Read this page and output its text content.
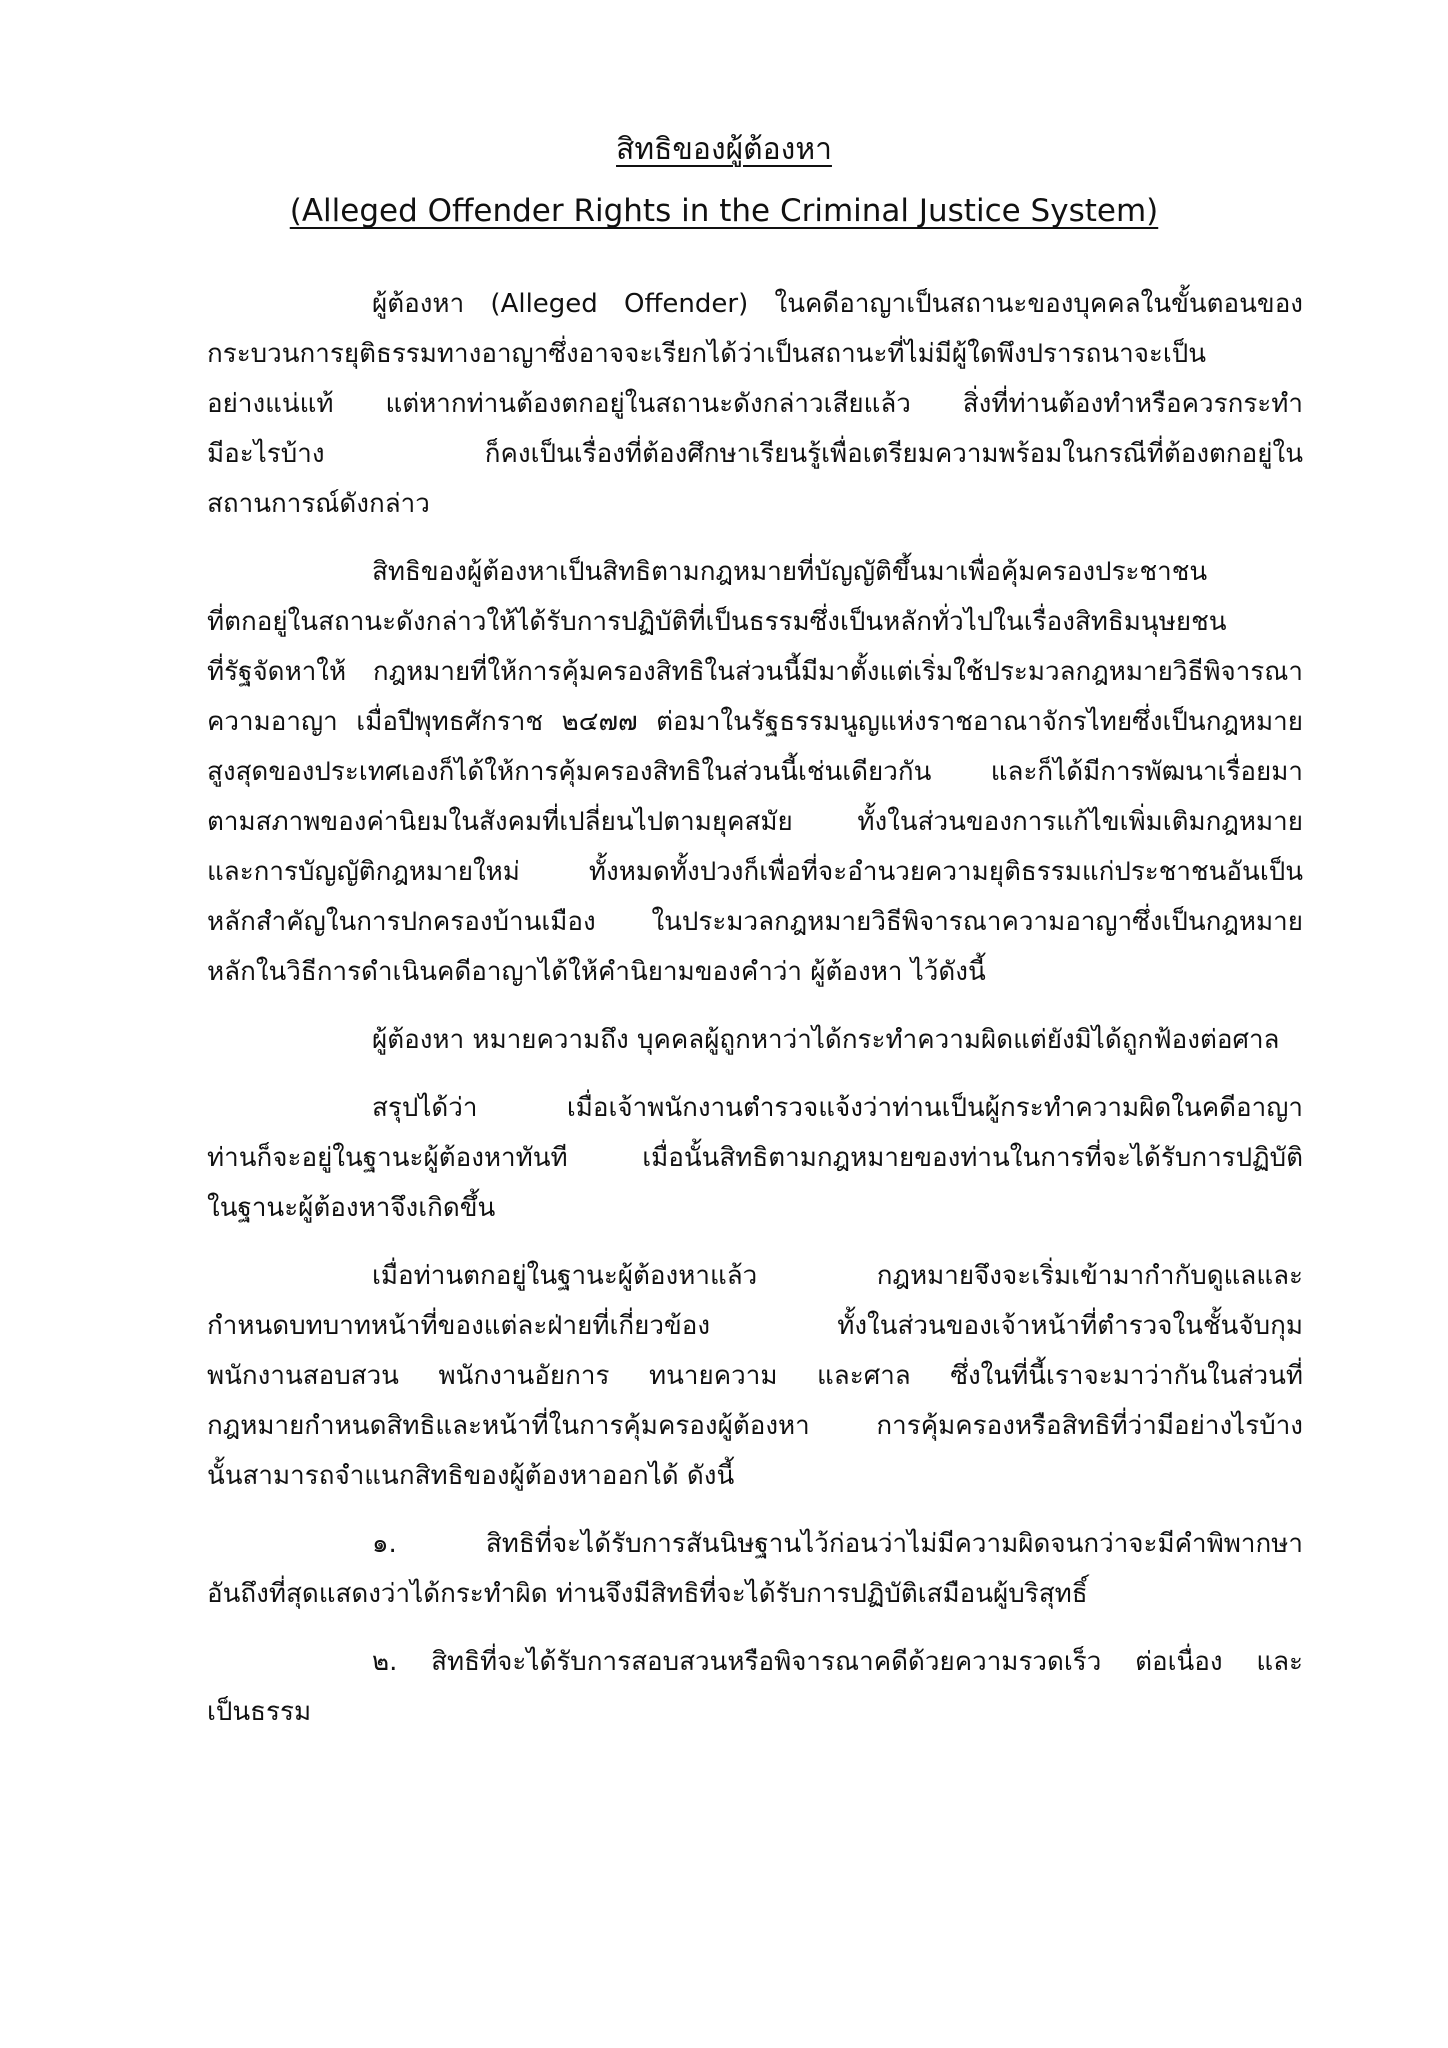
สิทธิของผู้ต้องหา
(Alleged Offender Rights in the Criminal Justice System)
ผู้ต้องหา (Alleged Offender) ในคดีอาญาเป็นสถานะของบุคคลในขั้นตอนของ
กระบวนการยุติธรรมทางอาญาซึ่งอาจจะเรียกได้ว่าเป็นสถานะที่ไม่มีผู้ใดพึงปรารถนาจะเป็น
อย่างแน่แท้ แต่หากท่านต้องตกอยู่ในสถานะดังกล่าวเสียแล้ว สิ่งที่ท่านต้องทำหรือควรกระทำ
มีอะไรบ้าง ก็คงเป็นเรื่องที่ต้องศึกษาเรียนรู้เพื่อเตรียมความพร้อมในกรณีที่ต้องตกอยู่ใน
สถานการณ์ดังกล่าว
สิทธิของผู้ต้องหาเป็นสิทธิตามกฎหมายที่บัญญัติขึ้นมาเพื่อคุ้มครองประชาชน
ที่ตกอยู่ในสถานะดังกล่าวให้ได้รับการปฏิบัติที่เป็นธรรมซึ่งเป็นหลักทั่วไปในเรื่องสิทธิมนุษยชน
ที่รัฐจัดหาให้ กฎหมายที่ให้การคุ้มครองสิทธิในส่วนนี้มีมาตั้งแต่เริ่มใช้ประมวลกฎหมายวิธีพิจารณา
ความอาญา เมื่อปีพุทธศักราช ๒๔๗๗ ต่อมาในรัฐธรรมนูญแห่งราชอาณาจักรไทยซึ่งเป็นกฎหมาย
สูงสุดของประเทศเองก็ได้ให้การคุ้มครองสิทธิในส่วนนี้เช่นเดียวกัน และก็ได้มีการพัฒนาเรื่อยมา
ตามสภาพของค่านิยมในสังคมที่เปลี่ยนไปตามยุคสมัย ทั้งในส่วนของการแก้ไขเพิ่มเติมกฎหมาย
และการบัญญัติกฎหมายใหม่ ทั้งหมดทั้งปวงก็เพื่อที่จะอำนวยความยุติธรรมแก่ประชาชนอันเป็น
หลักสำคัญในการปกครองบ้านเมือง ในประมวลกฎหมายวิธีพิจารณาความอาญาซึ่งเป็นกฎหมาย
หลักในวิธีการดำเนินคดีอาญาได้ให้คำนิยามของคำว่า ผู้ต้องหา ไว้ดังนี้
ผู้ต้องหา หมายความถึง บุคคลผู้ถูกหาว่าได้กระทำความผิดแต่ยังมิได้ถูกฟ้องต่อศาล
สรุปได้ว่า เมื่อเจ้าพนักงานตำรวจแจ้งว่าท่านเป็นผู้กระทำความผิดในคดีอาญา
ท่านก็จะอยู่ในฐานะผู้ต้องหาทันที เมื่อนั้นสิทธิตามกฎหมายของท่านในการที่จะได้รับการปฏิบัติ
ในฐานะผู้ต้องหาจึงเกิดขึ้น
เมื่อท่านตกอยู่ในฐานะผู้ต้องหาแล้ว กฎหมายจึงจะเริ่มเข้ามากำกับดูแลและ
กำหนดบทบาทหน้าที่ของแต่ละฝ่ายที่เกี่ยวข้อง ทั้งในส่วนของเจ้าหน้าที่ตำรวจในชั้นจับกุม
พนักงานสอบสวน พนักงานอัยการ ทนายความ และศาล ซึ่งในที่นี้เราจะมาว่ากันในส่วนที่
กฎหมายกำหนดสิทธิและหน้าที่ในการคุ้มครองผู้ต้องหา การคุ้มครองหรือสิทธิที่ว่ามีอย่างไรบ้าง
นั้นสามารถจำแนกสิทธิของผู้ต้องหาออกได้ ดังนี้
๑. สิทธิที่จะได้รับการสันนิษฐานไว้ก่อนว่าไม่มีความผิดจนกว่าจะมีคำพิพากษา
อันถึงที่สุดแสดงว่าได้กระทำผิด ท่านจึงมีสิทธิที่จะได้รับการปฏิบัติเสมือนผู้บริสุทธิ์
๒. สิทธิที่จะได้รับการสอบสวนหรือพิจารณาคดีด้วยความรวดเร็ว ต่อเนื่อง และ
เป็นธรรม
